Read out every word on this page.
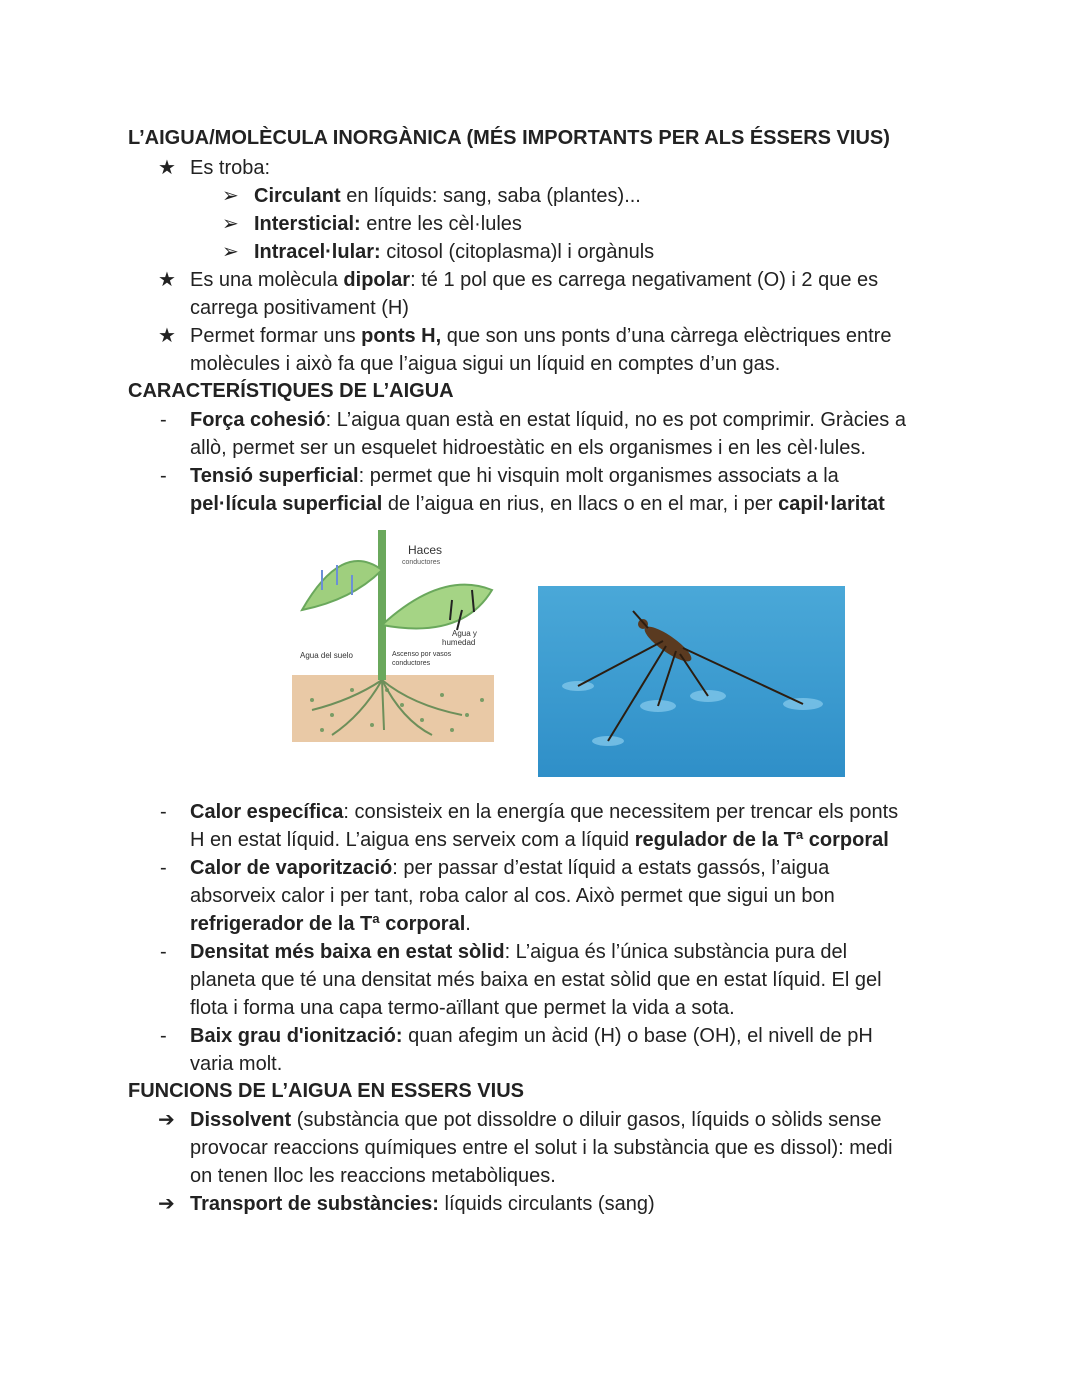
L’AIGUA/MOLÈCULA INORGÀNICA (MÉS IMPORTANTS PER ALS ÉSSERS VIUS)
★ Es troba:
➢ Circulant en líquids: sang, saba (plantes)...
➢ Intersticial: entre les cèl·lules
➢ Intracel·lular: citosol (citoplasma)l i orgànuls
★ Es una molècula dipolar: té 1 pol que es carrega negativament (O) i 2 que es
carrega positivament (H)
★ Permet formar uns ponts H, que son uns ponts d’una càrrega elèctriques entre
molècules i això fa que l’aigua sigui un líquid en comptes d’un gas.
CARACTERÍSTIQUES DE L’AIGUA
- Força cohesió: L’aigua quan està en estat líquid, no es pot comprimir. Gràcies a
allò, permet ser un esquelet hidroestàtic en els organismes i en les cèl·lules.
- Tensió superficial: permet que hi visquin molt organismes associats a la
pel·lícula superficial de l’aigua en rius, en llacs o en el mar, i per capil·laritat
Haces
conductores
Agua y
humedad
Agua del suelo	Ascenso por vasos
conductores
- Calor específica: consisteix en la energía que necessitem per trencar els ponts
H en estat líquid. L’aigua ens serveix com a líquid regulador de la Tª corporal
- Calor de vaporització: per passar d’estat líquid a estats gassós, l’aigua
absorveix calor i per tant, roba calor al cos. Això permet que sigui un bon
refrigerador de la Tª corporal.
- Densitat més baixa en estat sòlid: L’aigua és l’única substància pura del
planeta que té una densitat més baixa en estat sòlid que en estat líquid. El gel
flota i forma una capa termo-aïllant que permet la vida a sota.
- Baix grau d'ionització: quan afegim un àcid (H) o base (OH), el nivell de pH
varia molt.
FUNCIONS DE L’AIGUA EN ESSERS VIUS
➔ Dissolvent (substància que pot dissoldre o diluir gasos, líquids o sòlids sense
provocar reaccions químiques entre el solut i la substància que es dissol): medi
on tenen lloc les reaccions metabòliques.
➔ Transport de substàncies: líquids circulants (sang)
